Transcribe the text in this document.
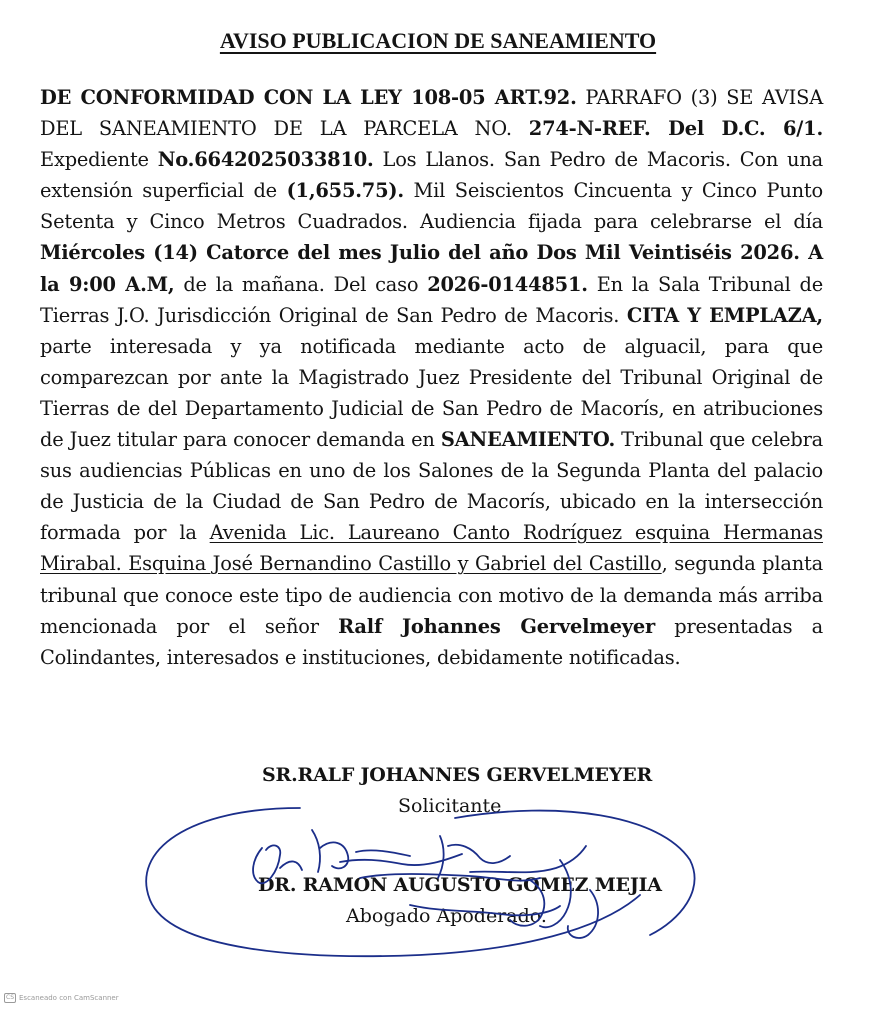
AVISO PUBLICACION DE SANEAMIENTO

DE CONFORMIDAD CON LA LEY 108-05 ART.92. PARRAFO (3) SE AVISA DEL SANEAMIENTO DE LA PARCELA NO. 274-N-REF. Del D.C. 6/1. Expediente No.6642025033810. Los Llanos. San Pedro de Macoris. Con una extensión superficial de (1,655.75). Mil Seiscientos Cincuenta y Cinco Punto Setenta y Cinco Metros Cuadrados. Audiencia fijada para celebrarse el día Miércoles (14) Catorce del mes Julio del año Dos Mil Veintiséis 2026. A la 9:00 A.M, de la mañana. Del caso 2026-0144851. En la Sala Tribunal de Tierras J.O. Jurisdicción Original de San Pedro de Macoris. CITA Y EMPLAZA, parte interesada y ya notificada mediante acto de alguacil, para que comparezcan por ante la Magistrado Juez Presidente del Tribunal Original de Tierras de del Departamento Judicial de San Pedro de Macorís, en atribuciones de Juez titular para conocer demanda en SANEAMIENTO. Tribunal que celebra sus audiencias Públicas en uno de los Salones de la Segunda Planta del palacio de Justicia de la Ciudad de San Pedro de Macorís, ubicado en la intersección formada por la Avenida Lic. Laureano Canto Rodríguez esquina Hermanas Mirabal. Esquina José Bernandino Castillo y Gabriel del Castillo, segunda planta tribunal que conoce este tipo de audiencia con motivo de la demanda más arriba mencionada por el señor Ralf Johannes Gervelmeyer presentadas a Colindantes, interesados e instituciones, debidamente notificadas.

SR.RALF JOHANNES GERVELMEYER

Solicitante

DR. RAMON AUGUSTO GOMEZ MEJIA

Abogado Apoderado.

CS Escaneado con CamScanner
